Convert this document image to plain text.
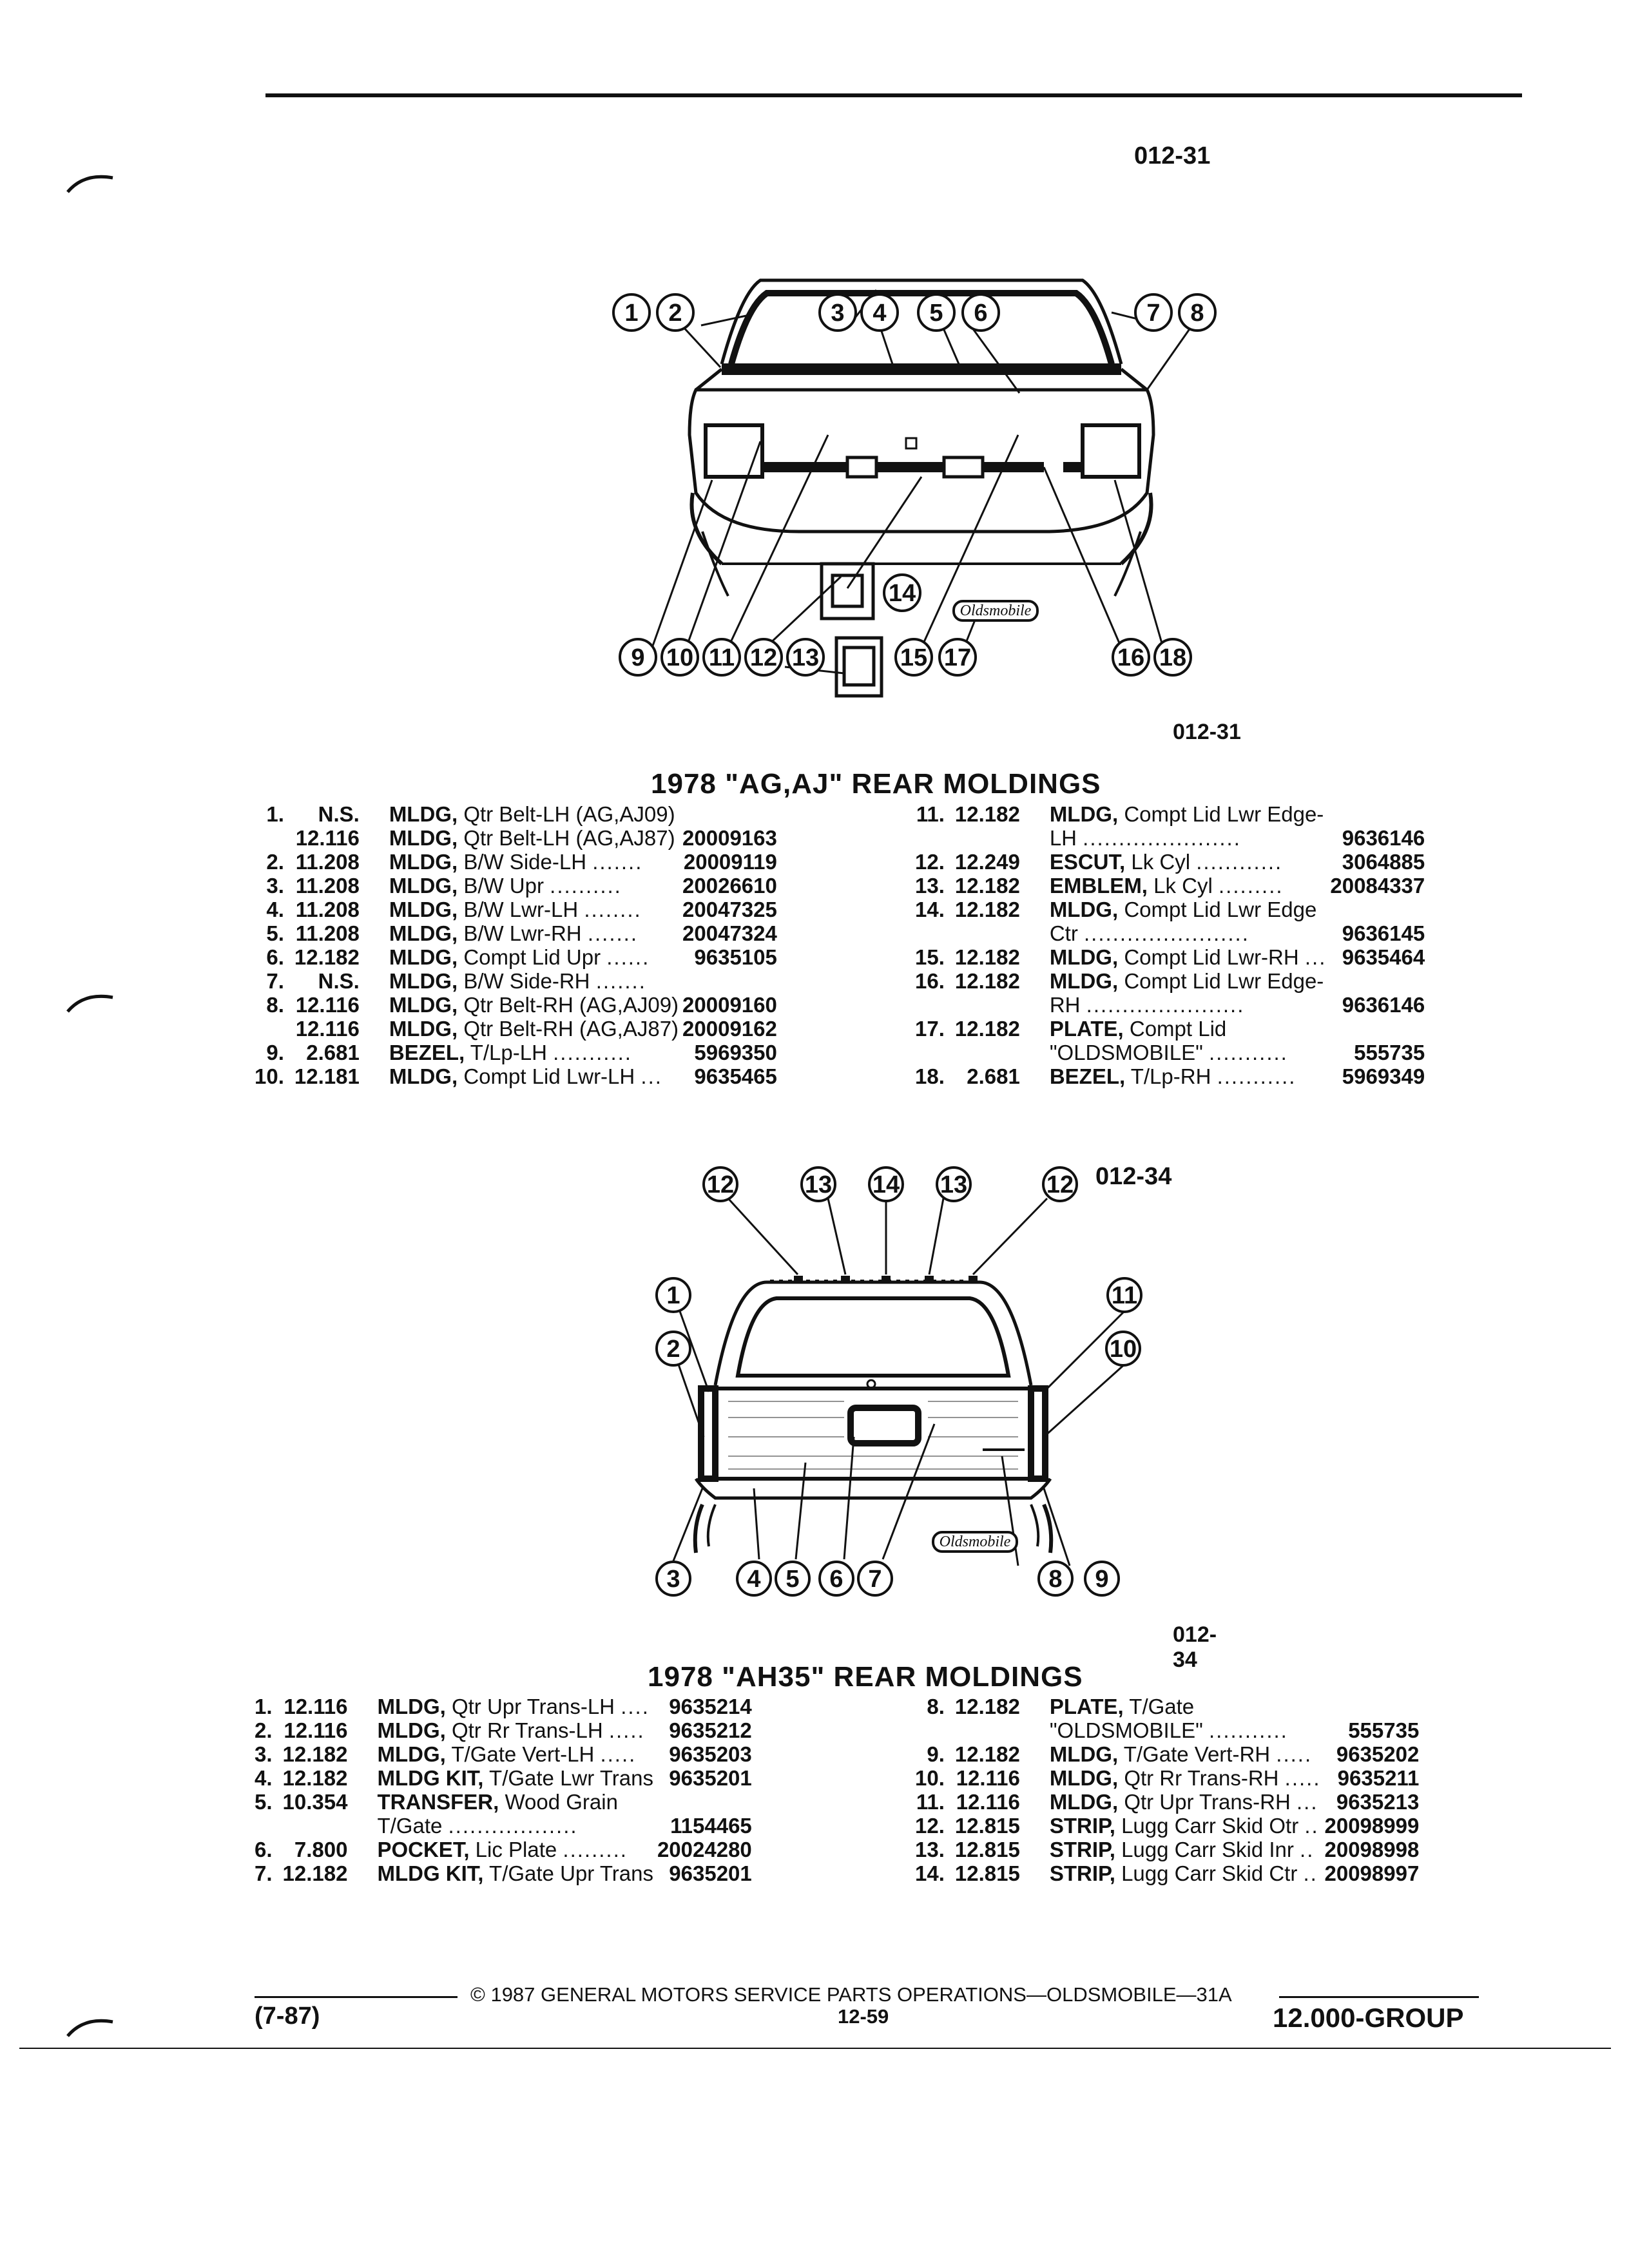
012-31
Oldsmobile
1 2	3 4 5 6	7 8
9 10 11 12 13
14
15 17	16 18
012-31
1978 "AG,AJ" REAR MOLDINGS
1.	N.S.	MLDG, Qtr Belt-LH (AG,AJ09)	
	12.116	MLDG, Qtr Belt-LH (AG,AJ87)	20009163
2.	11.208	MLDG, B/W Side-LH .......	20009119
3.	11.208	MLDG, B/W Upr ..........	20026610
4.	11.208	MLDG, B/W Lwr-LH ........	20047325
5.	11.208	MLDG, B/W Lwr-RH .......	20047324
6.	12.182	MLDG, Compt Lid Upr ......	9635105
7.	N.S.	MLDG, B/W Side-RH .......	
8.	12.116	MLDG, Qtr Belt-RH (AG,AJ09)	20009160
	12.116	MLDG, Qtr Belt-RH (AG,AJ87)	20009162
9.	2.681	BEZEL, T/Lp-LH ...........	5969350
10.	12.181	MLDG, Compt Lid Lwr-LH ...	9635465
11.	12.182	MLDG, Compt Lid Lwr Edge-	
		LH ......................	9636146
12.	12.249	ESCUT, Lk Cyl ............	3064885
13.	12.182	EMBLEM, Lk Cyl .........	20084337
14.	12.182	MLDG, Compt Lid Lwr Edge	
		Ctr .......................	9636145
15.	12.182	MLDG, Compt Lid Lwr-RH ...	9635464
16.	12.182	MLDG, Compt Lid Lwr Edge-	
		RH ......................	9636146
17.	12.182	PLATE, Compt Lid	
		"OLDSMOBILE" ...........	555735
18.	2.681	BEZEL, T/Lp-RH ...........	5969349
012-34
Oldsmobile
12	13 14 13	12
1
2
3	4 5 6 7	8 9
10
11
012-34
1978 "AH35" REAR MOLDINGS
1.	12.116	MLDG, Qtr Upr Trans-LH ....	9635214
2.	12.116	MLDG, Qtr Rr Trans-LH .....	9635212
3.	12.182	MLDG, T/Gate Vert-LH .....	9635203
4.	12.182	MLDG KIT, T/Gate Lwr Trans	9635201
5.	10.354	TRANSFER, Wood Grain	
		T/Gate ..................	1154465
6.	7.800	POCKET, Lic Plate .........	20024280
7.	12.182	MLDG KIT, T/Gate Upr Trans	9635201
8.	12.182	PLATE, T/Gate	
		"OLDSMOBILE" ...........	555735
9.	12.182	MLDG, T/Gate Vert-RH .....	9635202
10.	12.116	MLDG, Qtr Rr Trans-RH .....	9635211
11.	12.116	MLDG, Qtr Upr Trans-RH ...	9635213
12.	12.815	STRIP, Lugg Carr Skid Otr ..	20098999
13.	12.815	STRIP, Lugg Carr Skid Inr ..	20098998
14.	12.815	STRIP, Lugg Carr Skid Ctr ..	20098997
© 1987 GENERAL MOTORS SERVICE PARTS OPERATIONS—OLDSMOBILE—31A
(7-87)	12-59	12.000-GROUP
